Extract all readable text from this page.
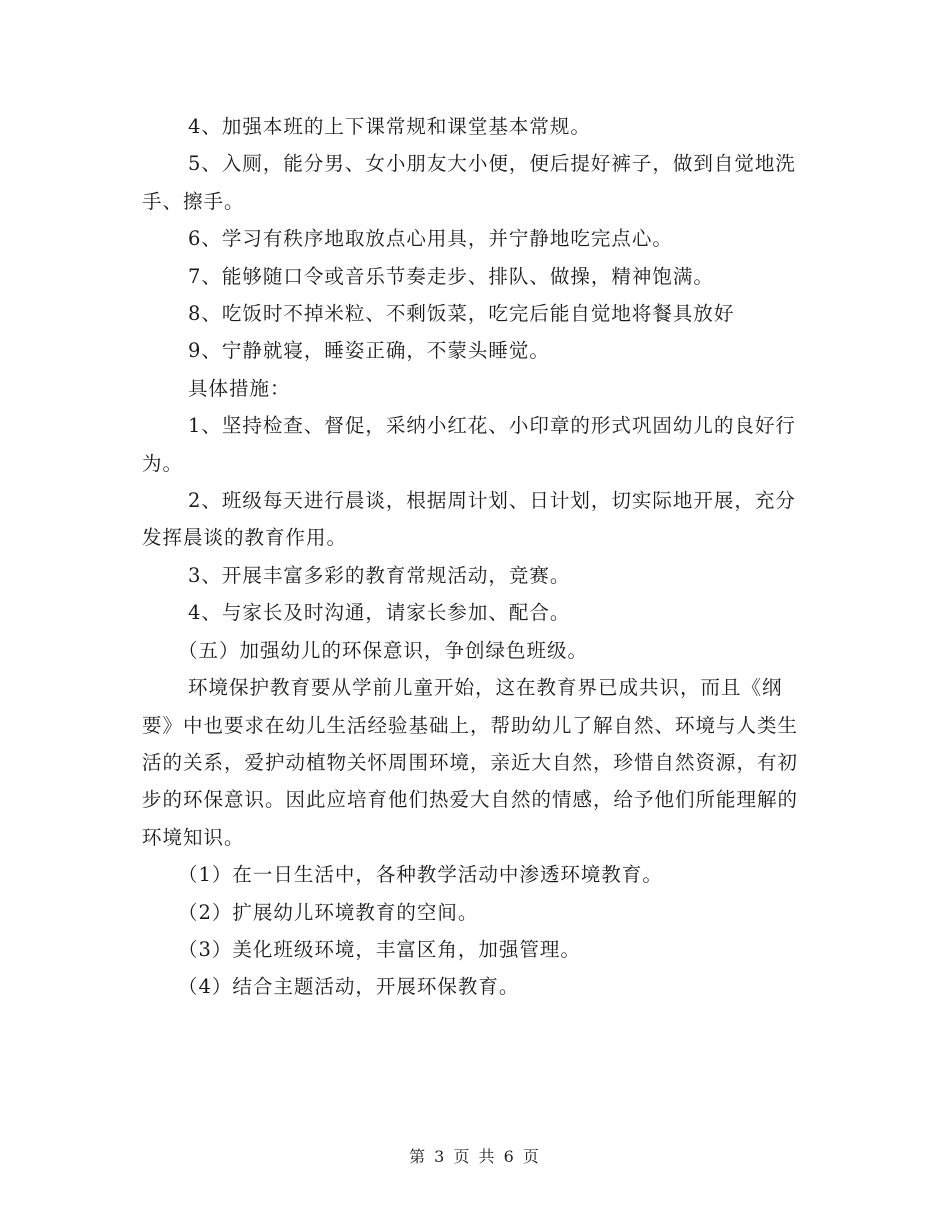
4、加强本班的上下课常规和课堂基本常规。

5、入厕，能分男、女小朋友大小便，便后提好裤子，做到自觉地洗手、擦手。

6、学习有秩序地取放点心用具，并宁静地吃完点心。

7、能够随口令或音乐节奏走步、排队、做操，精神饱满。

8、吃饭时不掉米粒、不剩饭菜，吃完后能自觉地将餐具放好

9、宁静就寝，睡姿正确，不蒙头睡觉。

具体措施：

1、坚持检查、督促，采纳小红花、小印章的形式巩固幼儿的良好行为。

2、班级每天进行晨谈，根据周计划、日计划，切实际地开展，充分发挥晨谈的教育作用。

3、开展丰富多彩的教育常规活动，竞赛。

4、与家长及时沟通，请家长参加、配合。

（五）加强幼儿的环保意识，争创绿色班级。

环境保护教育要从学前儿童开始，这在教育界已成共识，而且《纲要》中也要求在幼儿生活经验基础上，帮助幼儿了解自然、环境与人类生活的关系，爱护动植物关怀周围环境，亲近大自然，珍惜自然资源，有初步的环保意识。因此应培育他们热爱大自然的情感，给予他们所能理解的环境知识。

（1）在一日生活中，各种教学活动中渗透环境教育。

（2）扩展幼儿环境教育的空间。

（3）美化班级环境，丰富区角，加强管理。

（4）结合主题活动，开展环保教育。

第 3 页 共 6 页
